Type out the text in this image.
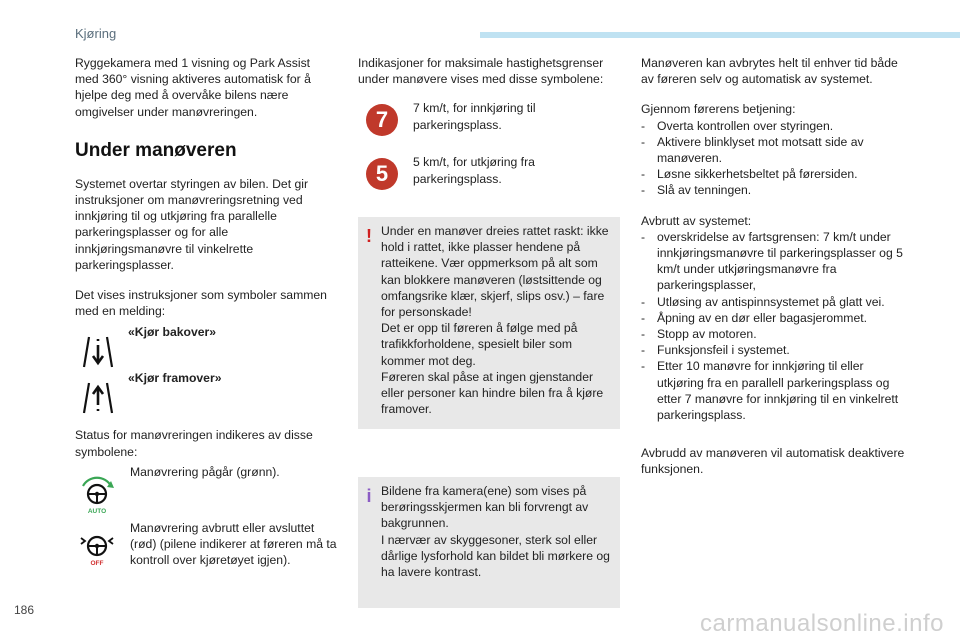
Kjøring

Ryggekamera med 1 visning og Park Assist med 360° visning aktiveres automatisk for å hjelpe deg med å overvåke bilens nære omgivelser under manøvreringen.

Under manøveren

Systemet overtar styringen av bilen. Det gir instruksjoner om manøvreringsretning ved innkjøring til og utkjøring fra parallelle parkeringsplasser og for alle innkjøringsmanøvre til vinkelrette parkeringsplasser.

Det vises instruksjoner som symboler sammen med en melding:

«Kjør bakover»
«Kjør framover»

Status for manøvreringen indikeres av disse symbolene:

AUTO
Manøvrering pågår (grønn).
OFF
Manøvrering avbrutt eller avsluttet (rød) (pilene indikerer at føreren må ta kontroll over kjøretøyet igjen).

Indikasjoner for maksimale hastighetsgrenser under manøvere vises med disse symbolene:

7	7 km/t, for innkjøring til parkeringsplass.
5	5 km/t, for utkjøring fra parkeringsplass.
! Under en manøver dreies rattet raskt: ikke hold i rattet, ikke plasser hendene på ratteikene. Vær oppmerksom på alt som kan blokkere manøveren (løstsittende og omfangsrike klær, skjerf, slips osv.) – fare for personskade!
Det er opp til føreren å følge med på trafikkforholdene, spesielt biler som kommer mot deg.
Føreren skal påse at ingen gjenstander eller personer kan hindre bilen fra å kjøre framover.
i Bildene fra kamera(ene) som vises på berøringsskjermen kan bli forvrengt av bakgrunnen.
I nærvær av skyggesoner, sterk sol eller dårlige lysforhold kan bildet bli mørkere og ha lavere kontrast.

Manøveren kan avbrytes helt til enhver tid både av føreren selv og automatisk av systemet.

Gjennom førerens betjening:

- Overta kontrollen over styringen.
- Aktivere blinklyset mot motsatt side av manøveren.
- Løsne sikkerhetsbeltet på førersiden.
- Slå av tenningen.

Avbrutt av systemet:

- overskridelse av fartsgrensen: 7 km/t under innkjøringsmanøvre til parkeringsplasser og 5 km/t under utkjøringsmanøvre fra parkeringsplasser,
- Utløsing av antispinnsystemet på glatt vei.
- Åpning av en dør eller bagasjerommet.
- Stopp av motoren.
- Funksjonsfeil i systemet.
- Etter 10 manøvre for innkjøring til eller utkjøring fra en parallell parkeringsplass og etter 7 manøvre for innkjøring til en vinkelrett parkeringsplass.

Avbrudd av manøveren vil automatisk deaktivere funksjonen.

186	carmanualsonline.info
